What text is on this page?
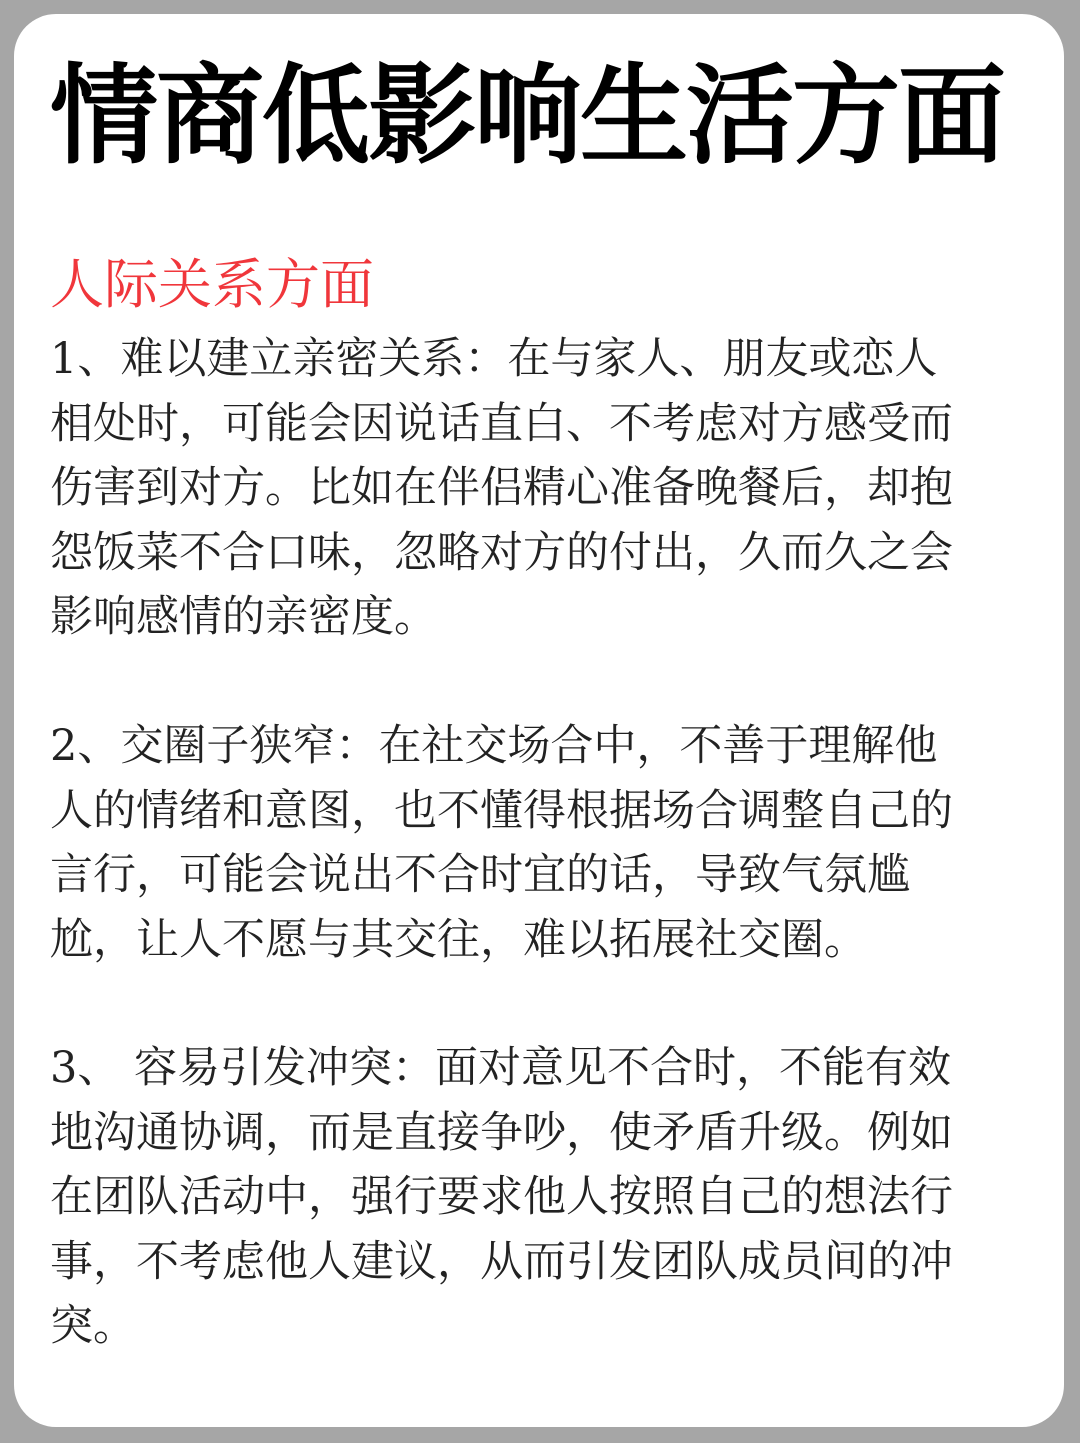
情商低影响生活方面
人际关系方面

1、难以建立亲密关系：在与家人、朋友或恋人
相处时，可能会因说话直白、不考虑对方感受而
伤害到对方。比如在伴侣精心准备晚餐后，却抱
怨饭菜不合口味，忽略对方的付出，久而久之会
影响感情的亲密度。

2、交圈子狭窄：在社交场合中，不善于理解他
人的情绪和意图，也不懂得根据场合调整自己的
言行，可能会说出不合时宜的话，导致气氛尴
尬，让人不愿与其交往，难以拓展社交圈。

3、 容易引发冲突：面对意见不合时，不能有效
地沟通协调，而是直接争吵，使矛盾升级。例如
在团队活动中，强行要求他人按照自己的想法行
事，不考虑他人建议，从而引发团队成员间的冲
突。
